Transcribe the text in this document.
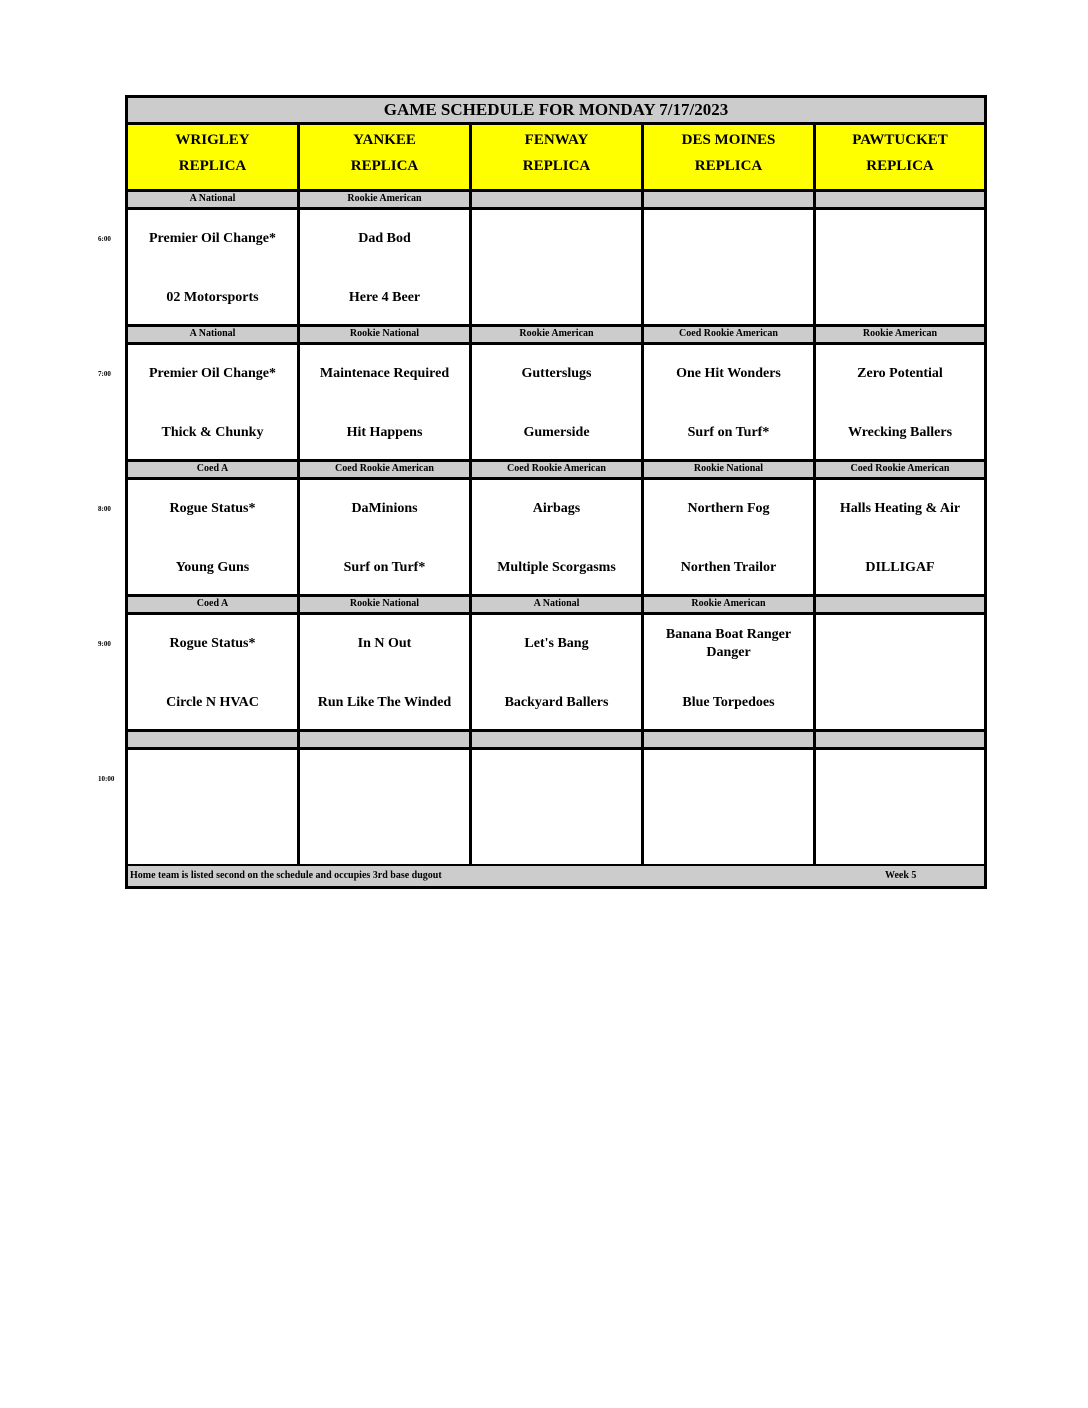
GAME SCHEDULE FOR MONDAY 7/17/2023
WRIGLEY
REPLICA
YANKEE
REPLICA
FENWAY
REPLICA
DES MOINES
REPLICA
PAWTUCKET
REPLICA
A National
Premier Oil Change*
02 Motorsports
Rookie American
Dad Bod
Here 4 Beer
A National
Premier Oil Change*
Thick & Chunky
Rookie National
Maintenace Required
Hit Happens
Rookie American
Gutterslugs
Gumerside
Coed Rookie American
One Hit Wonders
Surf on Turf*
Rookie American
Zero Potential
Wrecking Ballers
Coed A
Rogue Status*
Young Guns
Coed Rookie American
DaMinions
Surf on Turf*
Coed Rookie American
Airbags
Multiple Scorgasms
Rookie National
Northern Fog
Northen Trailor
Coed Rookie American
Halls Heating & Air
DILLIGAF
Coed A
Rogue Status*
Circle N HVAC
Rookie National
In N Out
Run Like The Winded
A National
Let's Bang
Backyard Ballers
Rookie American
Banana Boat Ranger Danger
Blue Torpedoes
Home team is listed second on the schedule and occupies 3rd base dugout	Week 5
6:00
7:00
8:00
9:00
10:00
